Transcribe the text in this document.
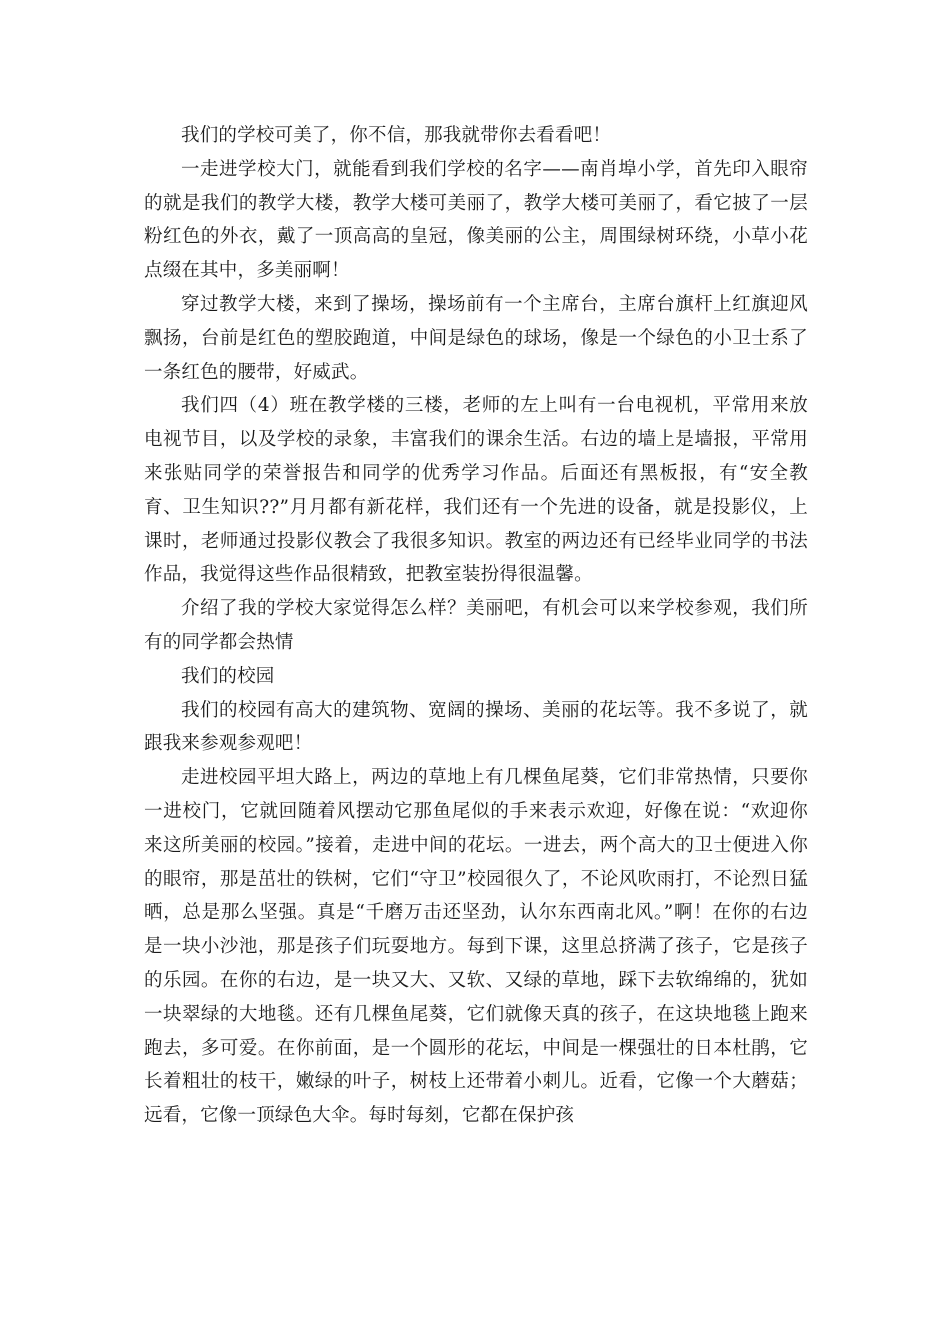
我们的学校可美了，你不信，那我就带你去看看吧！

一走进学校大门，就能看到我们学校的名字——南肖埠小学，首先印入眼帘的就是我们的教学大楼，教学大楼可美丽了，教学大楼可美丽了，看它披了一层粉红色的外衣，戴了一顶高高的皇冠，像美丽的公主，周围绿树环绕，小草小花点缀在其中，多美丽啊！

穿过教学大楼，来到了操场，操场前有一个主席台，主席台旗杆上红旗迎风飘扬，台前是红色的塑胶跑道，中间是绿色的球场，像是一个绿色的小卫士系了一条红色的腰带，好威武。

我们四（4）班在教学楼的三楼，老师的左上叫有一台电视机，平常用来放电视节目，以及学校的录象，丰富我们的课余生活。右边的墙上是墙报，平常用来张贴同学的荣誉报告和同学的优秀学习作品。后面还有黑板报，有“安全教育、卫生知识??”月月都有新花样，我们还有一个先进的设备，就是投影仪，上课时，老师通过投影仪教会了我很多知识。教室的两边还有已经毕业同学的书法作品，我觉得这些作品很精致，把教室装扮得很温馨。

介绍了我的学校大家觉得怎么样？美丽吧，有机会可以来学校参观，我们所有的同学都会热情

我们的校园

我们的校园有高大的建筑物、宽阔的操场、美丽的花坛等。我不多说了，就跟我来参观参观吧！

走进校园平坦大路上，两边的草地上有几棵鱼尾葵，它们非常热情，只要你一进校门，它就回随着风摆动它那鱼尾似的手来表示欢迎，好像在说：“欢迎你来这所美丽的校园。”接着，走进中间的花坛。一进去，两个高大的卫士便进入你的眼帘，那是茁壮的铁树，它们“守卫”校园很久了，不论风吹雨打，不论烈日猛晒，总是那么坚强。真是“千磨万击还坚劲，认尔东西南北风。”啊！在你的右边是一块小沙池，那是孩子们玩耍地方。每到下课，这里总挤满了孩子，它是孩子的乐园。在你的右边，是一块又大、又软、又绿的草地，踩下去软绵绵的，犹如一块翠绿的大地毯。还有几棵鱼尾葵，它们就像天真的孩子，在这块地毯上跑来跑去，多可爱。在你前面，是一个圆形的花坛，中间是一棵强壮的日本杜鹃，它长着粗壮的枝干，嫩绿的叶子，树枝上还带着小刺儿。近看，它像一个大蘑菇；远看，它像一顶绿色大伞。每时每刻，它都在保护孩
